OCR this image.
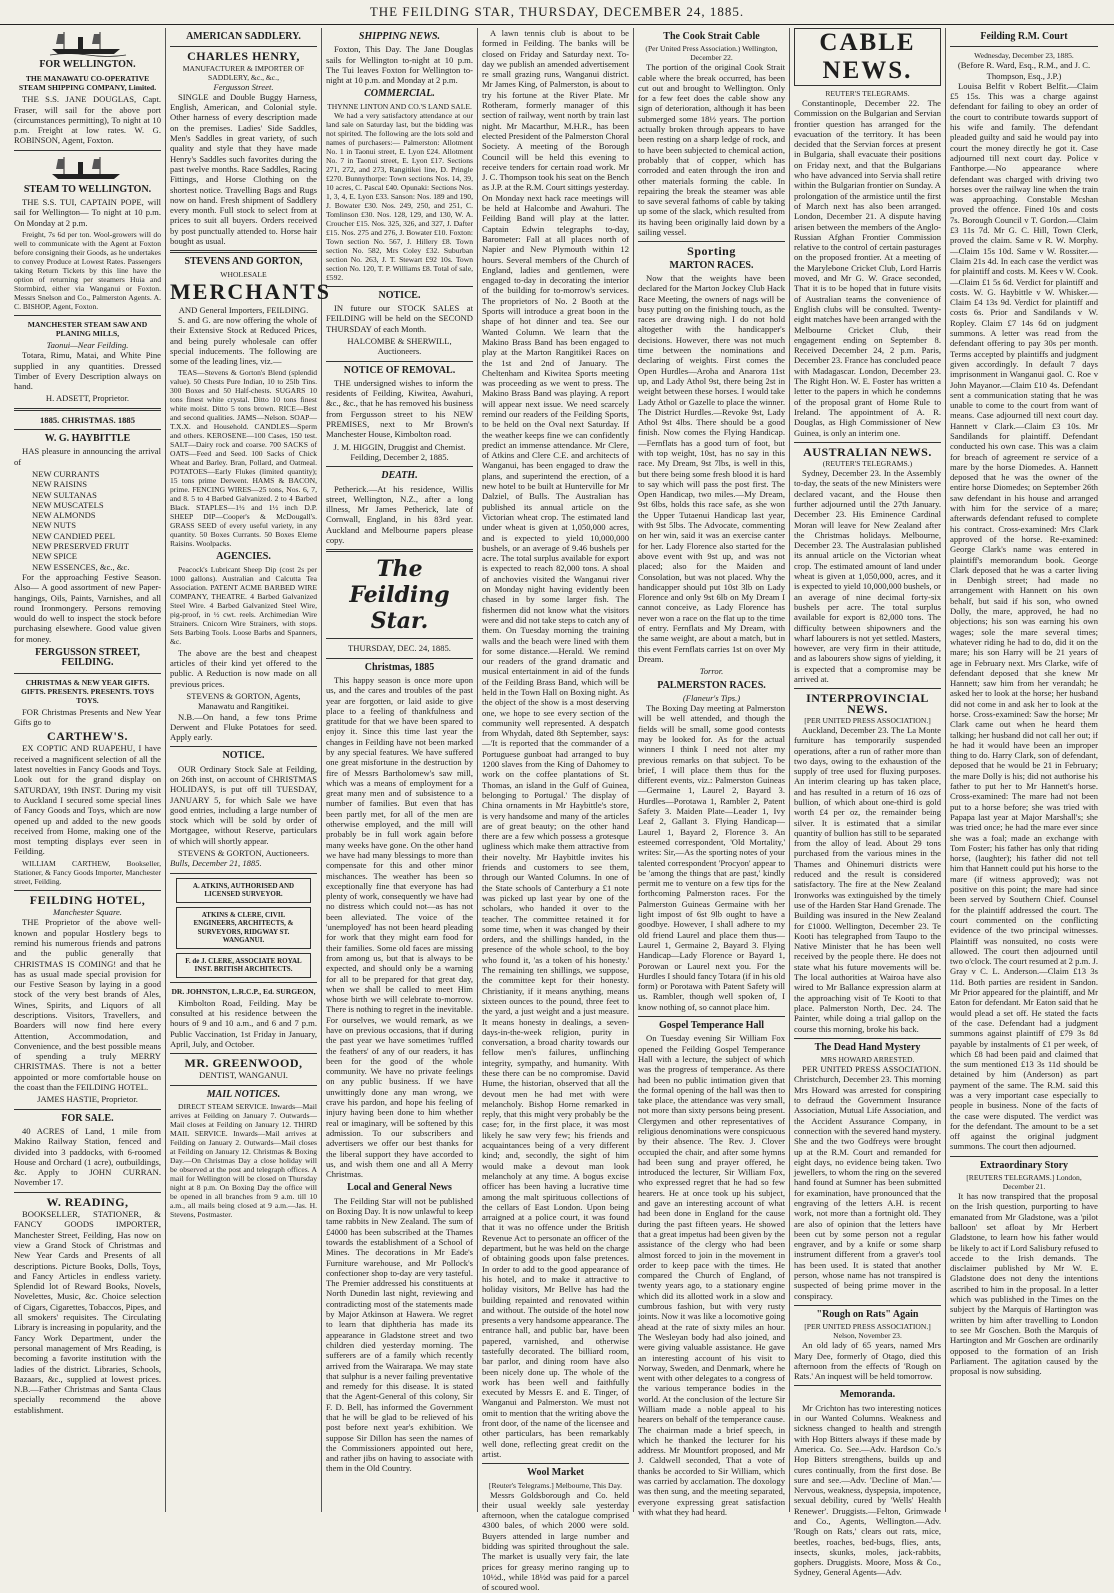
THE FEILDING STAR, THURSDAY, DECEMBER 24, 1885.
FOR WELLINGTON.
THE MANAWATU CO-OPERATIVE STEAM SHIPPING COMPANY, Limited.

THE S.S. JANE DOUGLAS, Capt. Fraser, will sail for the above port (circumstances permitting), To night at 10 p.m. Freight at low rates. W. G. ROBINSON, Agent, Foxton.

STEAM TO WELLINGTON.

THE S.S. TUI, CAPTAIN POPE, will sail for Wellington— To night at 10 p.m. On Monday at 2 p.m.

Freight, 7s 6d per ton. Wool-growers will do well to communicate with the Agent at Foxton before consigning their Goods, as he undertakes to convey Produce at Lowest Rates. Passengers taking Return Tickets by this line have the option of returning per steamers Huia and Stormbird, either via Wanganui or Foxton. Messrs Snelson and Co., Palmerston Agents. A. C. BISHOP, Agent, Foxton.

MANCHESTER STEAM SAW AND PLANING MILLS,
Taonui—Near Feilding.

Totara, Rimu, Matai, and White Pine supplied in any quantities. Dressed Timber of Every Description always on hand.

H. ADSETT, Proprietor.
1885. CHRISTMAS. 1885
W. G. HAYBITTLE

HAS pleasure in announcing the arrival of

NEW CURRANTS
NEW RAISINS
NEW SULTANAS
NEW MUSCATELS
NEW ALMONDS
NEW NUTS
NEW CANDIED PEEL
NEW PRESERVED FRUIT
NEW SPICE
NEW ESSENCES, &c., &c.

For the approaching Festive Season. Also— A good assortment of new Paper-hangings, Oils, Paints, Varnishes, and all round Ironmongery. Persons removing would do well to inspect the stock before purchasing elsewhere. Good value given for money.

FERGUSSON STREET, FEILDING.
CHRISTMAS & NEW YEAR GIFTS. GIFTS. PRESENTS. PRESENTS. TOYS TOYS.

FOR Christmas Presents and New Year Gifts go to

CARTHEW'S.

EX COPTIC AND RUAPEHU, I have received a magnificent selection of all the latest novelties in Fancy Goods and Toys. Look out for the grand display on SATURDAY, 19th INST. During my visit to Auckland I secured some special lines of Fancy Goods and Toys, which are now opened up and added to the new goods received from Home, making one of the most tempting displays ever seen in Feilding.

WILLIAM CARTHEW, Bookseller, Stationer, & Fancy Goods Importer, Manchester street, Feilding.

FEILDING HOTEL,
Manchester Square.

THE Proprietor of the above well-known and popular Hostlery begs to remind his numerous friends and patrons and the public generally that CHRISTMAS IS COMING! and that he has as usual made special provision for our Festive Season by laying in a good stock of the very best brands of Ales, Wines, Spirits, and Liquors of all descriptions. Visitors, Travellers, and Boarders will now find here every Attention, Accommodation, and Convenience, and the best possible means of spending a truly MERRY CHRISTMAS. There is not a better appointed or more comfortable house on the coast than the FEILDING HOTEL.

JAMES HASTIE, Proprietor.
FOR SALE.

40 ACRES of Land, 1 mile from Makino Railway Station, fenced and divided into 3 paddocks, with 6-roomed House and Orchard (1 acre), outbuildings, &c. Apply to JOHN CURRAN. November 17.

W. READING,

BOOKSELLER, STATIONER, & FANCY GOODS IMPORTER, Manchester Street, Feilding, Has now on view a Grand Stock of Christmas and New Year Cards and Presents of all descriptions. Picture Books, Dolls, Toys, and Fancy Articles in endless variety. Splendid lot of Reward Books, Novels, Novelettes, Music, &c. Choice selection of Cigars, Cigarettes, Tobaccos, Pipes, and all smokers' requisites. The Circulating Library is increasing in popularity, and the Fancy Work Department, under the personal management of Mrs Reading, is becoming a favorite institution with the ladies of the district. Libraries, Schools, Bazaars, &c., supplied at lowest prices. N.B.—Father Christmas and Santa Claus specially recommend the above establishment.

AMERICAN SADDLERY.
CHARLES HENRY,
MANUFACTURER & IMPORTER OF SADDLERY, &c., &c.,
Fergusson Street.

SINGLE and Double Buggy Harness, English, American, and Colonial style. Other harness of every description made on the premises. Ladies' Side Saddles, Men's Saddles in great variety, of such quality and style that they have made Henry's Saddles such favorites during the past twelve months. Race Saddles, Racing Fittings, and Horse Clothing on the shortest notice. Travelling Bags and Rugs now on hand. Fresh shipment of Saddlery every month. Full stock to select from at prices to suit all buyers. Orders received by post punctually attended to. Horse hair bought as usual.

STEVENS AND GORTON,
WHOLESALE
MERCHANTS
AND General Importers, FEILDING.

S. and G. are now offering the whole of their Extensive Stock at Reduced Prices, and being purely wholesale can offer special inducements. The following are some of the leading lines, viz.—

TEAS—Stevens & Gorton's Blend (splendid value). 50 Chests Pure Indian, 10 to 25lb Tins. 300 Boxes and 50 Half-chests. SUGARS 10 tons finest white crystal. Ditto 10 tons finest white moist. Ditto 5 tons brown. RICE—Best and second qualities. JAMS—Nelson. SOAP—T.X.X. and Household. CANDLES—Sperm and others. KEROSENE—100 Cases, 150 test. SALT—Dairy rock and coarse. 700 SACKS of OATS—Feed and Seed. 100 Sacks of Chick Wheat and Barley. Bran, Pollard, and Oatmeal. POTATOES—Early Flukes (limited quantity); 15 tons prime Derwent. HAMS & BACON, prime. FENCING WIRES—25 tons, Nos. 6, 7, and 8. 5 to 4 Barbed Galvanized. 2 to 4 Barbed Black. STAPLES—1½ and 1½ inch D.P. SHEEP DIP—Cooper's & McDougall's. GRASS SEED of every useful variety, in any quantity. 50 Boxes Currants. 50 Boxes Eleme Raisins. Woolpacks.

AGENCIES.

Peacock's Lubricant Sheep Dip (cost 2s per 1000 gallons). Australian and Calcutta Tea Association. PATENT ACME BARBED WIRE COMPANY, THEATRE. 4 Barbed Galvanized Steel Wire. 4 Barbed Galvanized Steel Wire, pig-proof, in ½ cwt. reels. Archimedian Wire Strainers. Cnicorn Wire Strainers, with stops. Sets Barbing Tools. Loose Barbs and Spanners, &c.

The above are the best and cheapest articles of their kind yet offered to the public. A Reduction is now made on all previous prices.

STEVENS & GORTON, Agents, Manawatu and Rangitikei.

N.B.—On hand, a few tons Prime Derwent and Fluke Potatoes for seed. Apply early.

NOTICE.

OUR Ordinary Stock Sale at Feilding, on 26th inst, on account of CHRISTMAS HOLIDAYS, is put off till TUESDAY, JANUARY 5, for which Sale we have good entries, including a large number of stock which will be sold by order of Mortgagee, without Reserve, particulars of which will shortly appear.

STEVENS & GORTON, Auctioneers.
Bulls, December 21, 1885.
A. ATKINS, AUTHORISED AND LICENSED SURVEYOR.
ATKINS & CLERE, CIVIL ENGINEERS, ARCHITECTS, & SURVEYORS, RIDGWAY ST. WANGANUI.
F. de J. CLERE, ASSOCIATE ROYAL INST. BRITISH ARCHITECTS.
DR. JOHNSTON, L.R.C.P., Ed. SURGEON,

Kimbolton Road, Feilding. May be consulted at his residence between the hours of 9 and 10 a.m., and 6 and 7 p.m. Public Vaccination, 1st Friday in January, April, July, and October.

MR. GREENWOOD,
DENTIST, WANGANUI.
MAIL NOTICES.

DIRECT STEAM SERVICE. Inwards—Mail arrives at Feilding on January 7. Outwards—Mail closes at Feilding on January 12. THIRD MAIL SERVICE. Inwards—Mail arrives at Feilding on January 2. Outwards—Mail closes at Feilding on January 12. Christmas & Boxing Day.—On Christmas Day a close holiday will be observed at the post and telegraph offices. A mail for Wellington will be closed on Thursday night at 8 p.m. On Boxing Day the office will be opened in all branches from 9 a.m. till 10 a.m., all mails being closed at 9 a.m.—Jas. H. Stevens, Postmaster.

SHIPPING NEWS.

Foxton, This Day. The Jane Douglas sails for Wellington to-night at 10 p.m. The Tui leaves Foxton for Wellington to-night at 10 p.m. and Monday at 2 p.m.

COMMERCIAL.
THYNNE LINTON AND CO.'S LAND SALE.

We had a very satisfactory attendance at our land sale on Saturday last, but the bidding was not spirited. The following are the lots sold and names of purchasers:— Palmerston: Allotment No. 1 in Taonui street, E. Lyon £24. Allotment No. 7 in Taonui street, E. Lyon £17. Sections 271, 272, and 273, Rangitikei line, D. Pringle £270. Bunnythorpe: Town sections Nos. 14, 39, 10 acres, C. Pascal £40. Opunaki: Sections Nos. 1, 3, 4, E. Lyon £33. Sanson: Nos. 189 and 190, J. Bowater £30. Nos. 249, 250, and 251, C. Tomlinson £30. Nos. 128, 129, and 130, W. A. Croucher £15. Nos. 325, 326, and 327, J. Dafter £15. Nos. 275 and 276, J. Bowater £10. Foxton: Town section No. 567, J. Hillery £8. Town section No. 582, Mrs Coley £32. Suburban section No. 263, J. T. Stewart £92 10s. Town section No. 120, T. P. Williams £8. Total of sale, £592.

NOTICE.

IN future our STOCK SALES at FEILDING will be held on the SECOND THURSDAY of each Month.

HALCOMBE & SHERWILL, Auctioneers.
NOTICE OF REMOVAL.

THE undersigned wishes to inform the residents of Feilding, Kiwitea, Awahuri, &c., &c., that he has removed his business from Fergusson street to his NEW PREMISES, next to Mr Brown's Manchester House, Kimbolton road.

J. M. HIGGIN, Druggist and Chemist. Feilding, December 2, 1885.
DEATH.

Petherick.—At his residence, Willis street, Wellington, N.Z., after a long illness, Mr James Petherick, late of Cornwall, England, in his 83rd year. Auckland and Melbourne papers please copy.

The Feilding Star.
THURSDAY, DEC. 24, 1885.
Christmas, 1885

This happy season is once more upon us, and the cares and troubles of the past year are forgotten, or laid aside to give place to a feeling of thankfulness and gratitude for that we have been spared to enjoy it. Since this time last year the changes in Feilding have not been marked by any special features. We have suffered one great misfortune in the destruction by fire of Messrs Bartholomew's saw mill, which was a means of employment for a great many men and of subsistence to a number of families. But even that has been partly met, for all of the men are otherwise employed, and the mill will probably be in full work again before many weeks have gone. On the other hand we have had many blessings to more than compensate for this and other minor mischances. The weather has been so exceptionally fine that everyone has had plenty of work, consequently we have had no distress which could not—as has not been alleviated. The voice of the 'unemployed' has not been heard pleading for work that they might earn food for their families. Some old faces are missing from among us, but that is always to be expected, and should only be a warning for all to be prepared for that great day, when we shall be called to meet Him whose birth we will celebrate to-morrow. There is nothing to regret in the inevitable. For ourselves, we would remark, as we have on previous occasions, that if during the past year we have sometimes 'ruffled the feathers' of any of our readers, it has been for the good of the whole community. We have no private feelings on any public business. If we have unwittingly done any man wrong, we crave his pardon, and hope his feeling of injury having been done to him whether real or imaginary, will be softened by this admission. To our subscribers and advertisers we offer our best thanks for the liberal support they have accorded to us, and wish them one and all A Merry Christmas.

Local and General News

The Feilding Star will not be published on Boxing Day. It is now unlawful to keep tame rabbits in New Zealand. The sum of £4000 has been subscribed at the Thames towards the establishment of a School of Mines. The decorations in Mr Eade's Furniture warehouse, and Mr Pollock's confectioner shop to-day are very tasteful. The Premier addressed his constituents at North Dunedin last night, reviewing and contradicting most of the statements made by Major Atkinson at Hawera. We regret to learn that diphtheria has made its appearance in Gladstone street and two children died yesterday morning. The sufferers are of a family which recently arrived from the Wairarapa. We may state that sulphur is a never failing preventative and remedy for this disease. It is stated that the Agent-General of this colony, Sir F. D. Bell, has informed the Government that he will be glad to be relieved of his post before next year's exhibition. We suppose Sir Dillon has seen the names of the Commissioners appointed out here, and rather jibs on having to associate with them in the Old Country.

A lawn tennis club is about to be formed in Feilding. The banks will be closed on Friday and Saturday next. To-day we publish an amended advertisement re small grazing runs, Wanganui district. Mr James King, of Palmerston, is about to try his fortune at the River Plate. Mr Rotheram, formerly manager of this section of railway, went north by train last night. Mr Macarthur, M.H.R., has been elected President of the Palmerston Choral Society. A meeting of the Borough Council will be held this evening to receive tenders for certain road work. Mr J. C. Thompson took his seat on the Bench as J.P. at the R.M. Court sittings yesterday. On Monday next hack race meetings will be held at Halcombe and Awahuri. The Feilding Band will play at the latter. Captain Edwin telegraphs to-day, Barometer: Fall at all places north of Napier and New Plymouth within 12 hours. Several members of the Church of England, ladies and gentlemen, were engaged to-day in decorating the interior of the building for to-morrow's services. The proprietors of No. 2 Booth at the Sports will introduce a great boon in the shape of hot dinner and tea. See our Wanted Column. We learn that the Makino Brass Band has been engaged to play at the Marton Rangitikei Races on the 1st and 2nd of January. The Cheltenham and Kiwitea Sports meeting was proceeding as we went to press. The Makino Brass Band was playing. A report will appear next issue. We need scarcely remind our readers of the Feilding Sports, to be held on the Oval next Saturday. If the weather keeps fine we can confidently predict an immense attendance. Mr Clere, of Atkins and Clere C.E. and architects of Wanganui, has been engaged to draw the plans, and superintend the erection, of a new hotel to be built at Hunterville for Mr Dalziel, of Bulls. The Australian has published its annual article on the Victorian wheat crop. The estimated land under wheat is given at 1,050,000 acres, and is expected to yield 10,000,000 bushels, or an average of 9.46 bushels per acre. The total surplus available for export is expected to reach 82,000 tons. A shoal of anchovies visited the Wanganui river on Monday night having evidently been chased in by some larger fish. The fishermen did not know what the visitors were and did not take steps to catch any of them. On Tuesday morning the training walls and the beach were lined with them for some distance.—Herald. We remind our readers of the grand dramatic and musical entertainment in aid of the funds of the Feilding Brass Band, which will be held in the Town Hall on Boxing night. As the object of the show is a most deserving one, we hope to see every section of the community well represented. A despatch from Whydah, dated 8th September, says:—'It is reported that the commander of a Portuguese gunboat had arranged to buy 1200 slaves from the King of Dahomey to work on the coffee plantations of St. Thomas, an island in the Gulf of Guinea, belonging to Portugal.' The display of China ornaments in Mr Haybittle's store, is very handsome and many of the articles are of great beauty; on the other hand there are a few which possess a grotesque ugliness which make them attractive from their novelty. Mr Haybittle invites his friends and customers to see them, through our Wanted Columns. In one of the State schools of Canterbury a £1 note was picked up last year by one of the scholars, who handed it over to the teacher. The committee retained it for some time, when it was changed by their orders, and the shillings handed, in the presence of the whole school, to the boy who found it, 'as a token of his honesty.' The remaining ten shillings, we suppose, the committee kept for their honesty. Christianity, if it means anything, means sixteen ounces to the pound, three feet to the yard, a just weight and a just measure. It means honesty in dealings, a seven-days-in-the-week religion, purity in conversation, a broad charity towards our fellow men's failures, unflinching integrity, sympathy, and humanity. With these there can be no compromise. David Hume, the historian, observed that all the devout men he had met with were melancholy. Bishop Horne remarked in reply, that this might very probably be the case; for, in the first place, it was most likely he saw very few; his friends and acquaintances being of a very different kind; and, secondly, the sight of him would make a devout man look melancholy at any time. A bogus excise officer has been having a lucrative time among the malt spirituous collections of the cellars of East London. Upon being arraigned at a police court, it was found that it was no offence under the British Revenue Act to personate an officer of the department, but he was held on the charge of obtaining goods upon false pretences. In order to add to the good appearance of his hotel, and to make it attractive to holiday visitors, Mr Bellve has had the building repainted and renovated within and without. The outside of the hotel now presents a very handsome appearance. The entrance hall, and public bar, have been papered, varnished, and otherwise tastefully decorated. The billiard room, bar parlor, and dining room have also been nicely done up. The whole of the work has been well and faithfully executed by Messrs E. and E. Tinger, of Wanganui and Palmerston. We must not omit to mention that the writing above the front door, of the name of the licensee and other particulars, has been remarkably well done, reflecting great credit on the artist.

Wool Market
[Reuter's Telegrams.] Melbourne, This Day.

Messrs Goldsborough and Co. held their usual weekly sale yesterday afternoon, when the catalogue comprised 4300 bales, of which 2000 were sold. Buyers attended in large number and bidding was spirited throughout the sale. The market is usually very fair, the late prices for greasy merino ranging up to 10½d., while 18½d was paid for a parcel of scoured wool.

The Cook Strait Cable
(Per United Press Association.) Wellington, December 22.

The portion of the original Cook Strait cable where the break occurred, has been cut out and brought to Wellington. Only for a few feet does the cable show any sign of deterioration, although it has been submerged some 18½ years. The portion actually broken through appears to have been resting on a sharp ledge of rock, and to have been subjected to chemical action, probably that of copper, which has corroded and eaten through the iron and other materials forming the cable. In repairing the break the steamer was able to save several fathoms of cable by taking up some of the slack, which resulted from its having been originally laid down by a sailing vessel.

Sporting
MARTON RACES.

Now that the weights have been declared for the Marton Jockey Club Hack Race Meeting, the owners of nags will be busy putting on the finishing touch, as the races are drawing nigh. I do not hold altogether with the handicapper's decisions. However, there was not much time between the nominations and declaring of weights. First comes the Open Hurdles—Aroha and Anarora 11st up, and Lady Athol 9st, there being 2st in weight between these horses. I would take Lady Athol or Gazelle to place the winner. The District Hurdles.—Revoke 9st, Lady Athol 9st 4lbs. There should be a good finish. Now comes the Flying Handicap.—Fernflats has a good turn of foot, but with top weight, 10st, has no say in this race. My Dream, 9st 7lbs, is well in this, but there being some fresh blood it is hard to say which will pass the post first. The Open Handicap, two miles.—My Dream, 9st 6lbs, holds this race safe, as she won the Upper Tutaenui Handicap last year, with 9st 5lbs. The Advocate, commenting on her win, said it was an exercise canter for her. Lady Florence also started for the above event with 9st up, and was not placed; also for the Maiden and Consolation, but was not placed. Why the handicapper should put 10st 3lb on Lady Florence and only 9st 6lb on My Dream I cannot conceive, as Lady Florence has never won a race on the flat up to the time of entry. Fernflats and My Dream, with the same weight, are about a match, but in this event Fernflats carries 1st on over My Dream.

Torror.
PALMERSTON RACES.
(Flaneur's Tips.)

The Boxing Day meeting at Palmerston will be well attended, and though the fields will be small, some good contests may be looked for. As for the actual winners I think I need not alter my previous remarks on that subject. To be brief, I will place them thus for the different events, viz.: Palmerston Guineas—Germaine 1, Laurel 2, Bayard 3. Hurdles—Porotawa 1, Rambler 2, Patent Safety 3. Maiden Plate—Leader 1, Ivy Leaf 2, Gallant 3. Flying Handicap—Laurel 1, Bayard 2, Florence 3. An esteemed correspondent, 'Old Mortality,' writes: Sir,—As the sporting notes of your talented correspondent 'Procyon' appear to be 'among the things that are past,' kindly permit me to venture on a few tips for the forthcoming Palmerston races. For the Palmerston Guineas Germaine with her light impost of 6st 9lb ought to have a goodbye. However, I shall adhere to my old friend Laurel and place them thus—Laurel 1, Germaine 2, Bayard 3. Flying Handicap—Lady Florence or Bayard 1, Porowan or Laurel next you. For the Hurdles I should fancy Totara (if in his old form) or Porotawa with Patent Safety will us. Rambler, though well spoken of, I know nothing of, so cannot place him.

Gospel Temperance Hall

On Tuesday evening Sir William Fox opened the Feilding Gospel Temperance Hall with a lecture, the subject of which was the progress of temperance. As there had been no public intimation given that the formal opening of the hall was then to take place, the attendance was very small, not more than sixty persons being present. Clergymen and other representatives of religious denominations were conspicuous by their absence. The Rev. J. Clover occupied the chair, and after some hymns had been sung and prayer offered, he introduced the lecturer, Sir William Fox, who expressed regret that he had so few hearers. He at once took up his subject, and gave an interesting account of what had been done in England for the cause during the past fifteen years. He showed that a great impetus had been given by the assistance of the clergy who had been almost forced to join in the movement in order to keep pace with the times. He compared the Church of England, of twenty years ago, to a stationary engine which did its allotted work in a slow and cumbrous fashion, but with very rusty joints. Now it was like a locomotive going ahead at the rate of sixty miles an hour. The Wesleyan body had also joined, and were giving valuable assistance. He gave an interesting account of his visit to Norway, Sweden, and Denmark, where he went with other delegates to a congress of the various temperance bodies in the world. At the conclusion of the lecture Sir William made a noble appeal to his hearers on behalf of the temperance cause. The chairman made a brief speech, in which he thanked the lecturer for his address. Mr Mountfort proposed, and Mr J. Caldwell seconded, That a vote of thanks be accorded to Sir William, which was carried by acclamation. The doxology was then sung, and the meeting separated, everyone expressing great satisfaction with what they had heard.

CABLE NEWS.
REUTER'S TELEGRAMS.

Constantinople, December 22. The Commission on the Bulgarian and Servian frontier question has arranged for the evacuation of the territory. It has been decided that the Servian forces at present in Bulgaria, shall evacuate their positions on Friday next, and that the Bulgarians who have advanced into Servia shall retire within the Bulgarian frontier on Sunday. A prolongation of the armistice until the first of March next has also been arranged. London, December 21. A dispute having arisen between the members of the Anglo-Russian Afghan Frontier Commission relative to the control of certain pasturages on the proposed frontier. At a meeting of the Marylebone Cricket Club, Lord Harris moved, and Mr G. W. Grace seconded, That it is to be hoped that in future visits of Australian teams the convenience of English clubs will be consulted. Twenty-eight matches have been arranged with the Melbourne Cricket Club, their engagement ending on September 8. Received December 24, 2 p.m. Paris, December 23. France has concluded peace with Madagascar. London, December 23. The Right Hon. W. E. Foster has written a letter to the papers in which he condemns of the proposal grant of Home Rule to Ireland. The appointment of A. R. Douglas, as High Commissioner of New Guinea, is only an interim one.

AUSTRALIAN NEWS.
(REUTER'S TELEGRAMS.)

Sydney, December 23. In the Assembly to-day, the seats of the new Ministers were declared vacant, and the House then further adjourned until the 27th January. December 23. His Eminence Cardinal Moran will leave for New Zealand after the Christmas holidays. Melbourne, December 23. The Australasian published its annual article on the Victorian wheat crop. The estimated amount of land under wheat is given at 1,050,000, acres, and it is expected to yield 10,000,000 bushels, or an average of nine decimal forty-six bushels per acre. The total surplus available for export is 82,000 tons. The difficulty between shipowners and the wharf labourers is not yet settled. Masters, however, are very firm in their attitude, and as labourers show signs of yielding, it is expected that a compromise may be arrived at.

INTERPROVINCIAL NEWS.
[PER UNITED PRESS ASSOCIATION.]

Auckland, December 23. The La Monte furniture has temporarily suspended operations, after a run of rather more than two days, owing to the exhaustion of the supply of tree used for fluxing purposes. An interim clearing up has taken place, and has resulted in a return of 16 ozs of bullion, of which about one-third is gold worth £4 per oz, the remainder being silver. It is estimated that a similar quantity of bullion has still to be separated from the alloy of lead. About 29 tons purchased from the various mines in the Thames and Ohinemuri districts were reduced and the result is considered satisfactory. The fire at the New Zealand Ironworks was extinguished by the timely use of the Harden Star Hand Grenade. The Building was insured in the New Zealand for £1000. Wellington, December 23. Te Kooti has telegraphed from Taupo to the Native Minister that he has been well received by the people there. He does not state what his future movements will be. The local authorities at Wairoa have also wired to Mr Ballance expression alarm at the approaching visit of Te Kooti to that place. Palmerston North, Dec. 24. The Painter, while doing a trial gallop on the course this morning, broke his back.

The Dead Hand Mystery
MRS HOWARD ARRESTED.

PER UNITED PRESS ASSOCIATION. Christchurch, December 23. This morning Mrs Howard was arrested for conspiring to defraud the Government Insurance Association, Mutual Life Association, and the Accident Assurance Company, in connection with the severed hand mystery. She and the two Godfreys were brought up at the R.M. Court and remanded for eight days, no evidence being taken. Two jewellers, to whom the ring on the severed hand found at Sumner has been submitted for examination, have pronounced that the engraving of the letters A.H. is recent work, not more than a fortnight old. They are also of opinion that the letters have been cut by some person not a regular engraver, and by a knife or some sharp instrument different from a graver's tool has been used. It is stated that another person, whose name has not transpired is suspected of being prime mover in the conspiracy.

"Rough on Rats" Again
[PER UNITED PRESS ASSOCIATION.] Nelson, November 23.

An old lady of 65 years, named Mrs Mary Dee, formerly of Otago, died this afternoon from the effects of 'Rough on Rats.' An inquest will be held tomorrow.

Memoranda.

Mr Crichton has two interesting notices in our Wanted Columns. Weakness and sickness changed to health and strength with Hop Bitters always if these made by America. Co. See.—Adv. Hardson Co.'s Hop Bitters strengthens, builds up and cures continually, from the first dose. Be sure and see.—Adv. 'Decline of Man.'—Nervous, weakness, dyspepsia, impotence, sexual debility, cured by 'Wells' Health Renewer'. Druggists.—Felton, Grimwade and Co., Agents, Wellington.—Adv. 'Rough on Rats,' clears out rats, mice, beetles, roaches, bed-bugs, flies, ants, insects, skunks, moles, jack-rabbits, gophers. Druggists. Moore, Moss & Co., Sydney, General Agents—Adv.

Feilding R.M. Court
Wednesday, December 23, 1885.
(Before R. Ward, Esq., R.M., and J. C. Thompson, Esq., J.P.)

Louisa Belfit v Robert Belfit.—Claim £5 15s. This was a charge against defendant for failing to obey an order of the court to contribute towards support of his wife and family. The defendant pleaded guilty and said he would pay into court the money directly he got it. Case adjourned till next court day. Police v Fanthorpe.—No appearance where defendant was charged with driving two horses over the railway line when the train was approaching. Constable Mcshan proved the offence. Fined 10s and costs 7s. Borough Council v T. Gordon.—Claim £3 11s 7d. Mr G. C. Hill, Town Clerk, proved the claim. Same v R. W. Morphy.—Claim 15s 10d. Same v W. Rossiter.—Claim 21s 4d. In each case the verdict was for plaintiff and costs. M. Kees v W. Cook.—Claim £1 5s 6d. Verdict for plaintiff and costs. W. G. Haybittle v W. Whisker.—Claim £4 13s 9d. Verdict for plaintiff and costs 6s. Prior and Sandilands v W. Ropley. Claim £7 14s 6d on judgment summons. A letter was read from the defendant offering to pay 30s per month. Terms accepted by plaintiffs and judgment given accordingly. In default 7 days imprisonment in Wanganui gaol. C. Roe v John Mayanor.—Claim £10 4s. Defendant sent a communication stating that he was unable to come to the court from want of means. Case adjourned till next court day. Hannett v Clark.—Claim £3 10s. Mr Sandilands for plaintiff. Defendant conducted his own case. This was a claim for breach of agreement re service of a mare by the horse Diomedes. A. Hannett deposed that he was the owner of the entire horse Diomedes; on September 26th saw defendant in his house and arranged with him for the service of a mare; afterwards defendant refused to complete his contract. Cross-examined: Mrs Clark approved of the horse. Re-examined: George Clark's name was entered in plaintiff's memorandum book. George Clark deposed that he was a carter living in Denbigh street; had made no arrangement with Hannett on his own behalf, but said if his son, who owned Dolly, the mare, approved, he had no objections; his son was earning his own wages; sole the mare several times; whatever riding he had to do, did it on the mare; his son Harry will be 21 years of age in February next. Mrs Clarke, wife of defendant deposed that she knew Mr Hannett; saw him from her verandah; he asked her to look at the horse; her husband did not come in and ask her to look at the horse. Cross-examined: Saw the horse; Mr Clark came out when he heard them talking; her husband did not call her out; if he had it would have been an improper thing to do. Harry Clark, son of defendant, deposed that he would be 21 in February; the mare Dolly is his; did not authorise his father to put her to Mr Hannett's horse. Cross-examined: The mare had not been put to a horse before; she was tried with Papapa last year at Major Marshall's; she was tried once; he had the mare ever since she was a foal; made an exchange with Tom Foster; his father has only that riding horse, (laughter); his father did not tell him that Hannett could put his horse to the mare (if witness approved); was not positive on this point; the mare had since been served by Southern Chief. Counsel for the plaintiff addressed the court. The court commented on the conflicting evidence of the two principal witnesses. Plaintiff was nonsuited, no costs were allowed. The court then adjourned until two o'clock. The court resumed at 2 p.m. J. Gray v C. L. Anderson.—Claim £13 3s 11d. Both parties are resident in Sandon. Mr Prior appeared for the plaintiff, and Mr Eaton for defendant. Mr Eaton said that he would plead a set off. He stated the facts of the case. Defendant had a judgment summons against plaintiff of £79 3s 8d payable by instalments of £1 per week, of which £8 had been paid and claimed that the sum mentioned £13 3s 11d should be detained by him (Anderson) as part payment of the same. The R.M. said this was a very important case especially to people in business. None of the facts of the case were disputed. The verdict was for the defendant. The amount to be a set off against the original judgment summons. The court then adjourned.

Extraordinary Story
[REUTERS TELEGRAMS.] London, December 21.

It has now transpired that the proposal on the Irish question, purporting to have emanated from Mr Gladstone, was a 'pilot balloon' set afloat by Mr Herbert Gladstone, to learn how his father would be likely to act if Lord Salisbury refused to accede to the Irish demands. The disclaimer published by Mr W. E. Gladstone does not deny the intentions ascribed to him in the proposal. In a letter which was published in the Times on the subject by the Marquis of Hartington was written by him after travelling to London to see Mr Goschen. Both the Marquis of Hartington and Mr Goschen are ordinarily opposed to the formation of an Irish Parliament. The agitation caused by the proposal is now subsiding.
